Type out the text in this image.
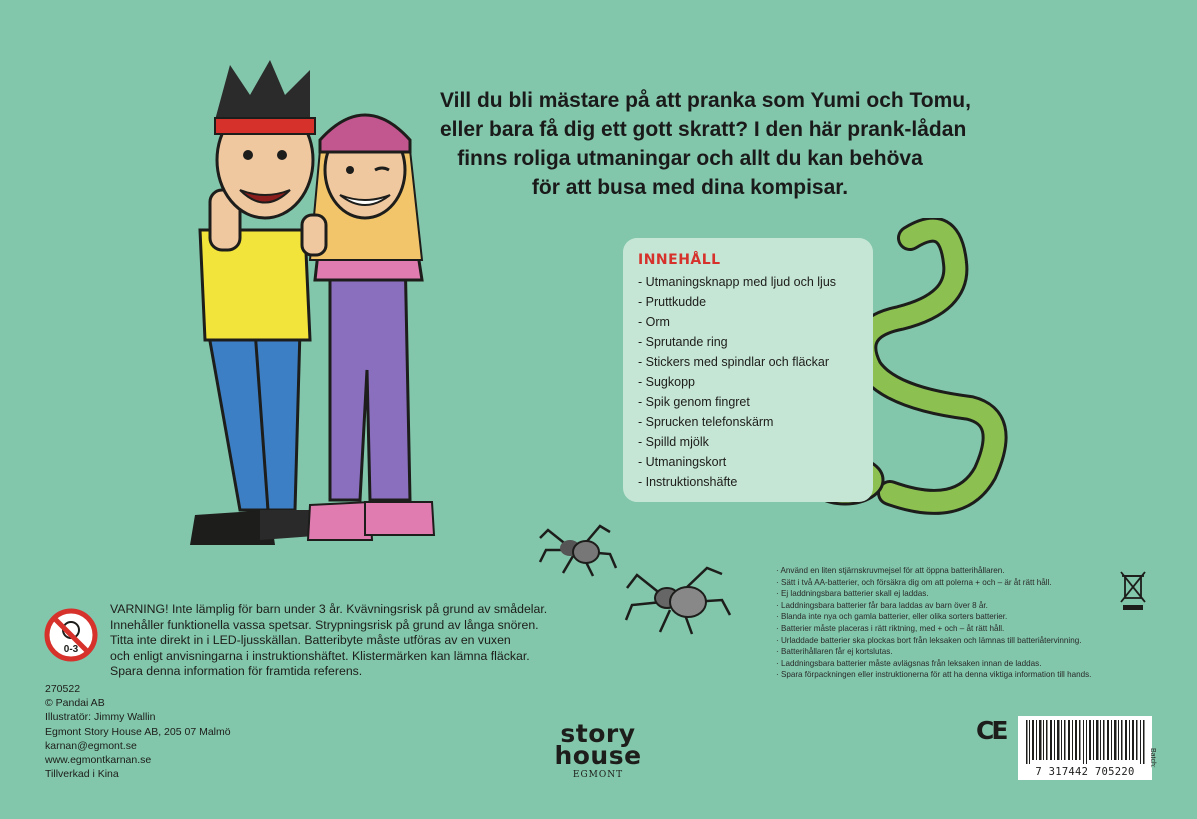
Vill du bli mästare på att pranka som Yumi och Tomu,
eller bara få dig ett gott skratt? I den här prank-lådan
finns roliga utmaningar och allt du kan behöva
för att busa med dina kompisar.
INNEHÅLL
- Utmaningsknapp med ljud och ljus
- Pruttkudde
- Orm
- Sprutande ring
- Stickers med spindlar och fläckar
- Sugkopp
- Spik genom fingret
- Sprucken telefonskärm
- Spilld mjölk
- Utmaningskort
- Instruktionshäfte
0-3
VARNING! Inte lämplig för barn under 3 år. Kvävningsrisk på grund av smådelar.
Innehåller funktionella vassa spetsar. Strypningsrisk på grund av långa snören.
Titta inte direkt in i LED-ljusskällan. Batteribyte måste utföras av en vuxen
och enligt anvisningarna i instruktionshäftet. Klistermärken kan lämna fläckar.
Spara denna information för framtida referens.
270522
© Pandai AB
Illustratör: Jimmy Wallin
Egmont Story House AB, 205 07 Malmö
karnan@egmont.se
www.egmontkarnan.se
Tillverkad i Kina
story
house
EGMONT
· Använd en liten stjärnskruvmejsel för att öppna batterihållaren.
· Sätt i två AA-batterier, och försäkra dig om att polerna + och – är åt rätt håll.
· Ej laddningsbara batterier skall ej laddas.
· Laddningsbara batterier får bara laddas av barn över 8 år.
· Blanda inte nya och gamla batterier, eller olika sorters batterier.
· Batterier måste placeras i rätt riktning, med + och – åt rätt håll.
· Urladdade batterier ska plockas bort från leksaken och lämnas till batteriåtervinning.
· Batterihållaren får ej kortslutas.
· Laddningsbara batterier måste avlägsnas från leksaken innan de laddas.
· Spara förpackningen eller instruktionerna för att ha denna viktiga information till hands.
CE
7 317442 705220
Batch:
